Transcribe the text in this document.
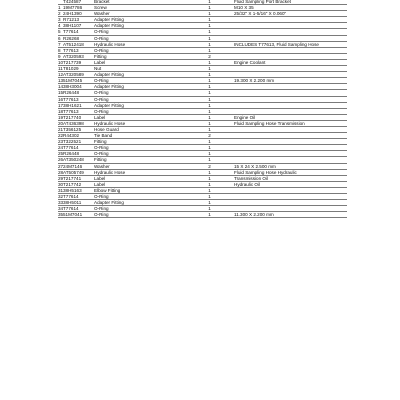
	T424587	Bracket	1	Fluid Sampling Port Bracket
1	19M7786	Screw	1	M10 X 35
2	24H1390	Washer	1	25/32" X 1-5/16" X 0.060"
3	R71213	Adapter Fitting	1	
4	38H1107	Adapter Fitting	1	
5	T77614	O-Ring	1	
6	R26268	O-Ring	1	
7	AT512418	Hydraulic Hose	1	INCLUDES T77613, Fluid Sampling Hose
8	T77613	O-Ring	1	
9	AT320593	Fitting	2	
10	T217739	Label	1	Engine Coolant
11	T81029	Nut	1	
12	AT320589	Adapter Fitting	1	
13	51M7045	O-Ring	1	19.300 X 2.200 mm
14	38H3004	Adapter Fitting	1	
15	R26448	O-Ring	1	
16	T77613	O-Ring	1	
17	38H1621	Adapter Fitting	1	
18	T77613	O-Ring	1	
19	T217740	Label	1	Engine Oil
20	AT436398	Hydraulic Hose	1	Fluid Sampling Hose Transmission
21	T356125	Hose Guard	1	
22	R44302	Tie Band	2	
23	T322521	Fitting	1	
24	T77614	O-Ring	1	
25	R26448	O-Ring	1	
26	AT350248	Fitting	1	
27	24M7146	Washer	2	15 X 24 X 2.500 mm
28	AT505749	Hydraulic Hose	1	Fluid Sampling Hose Hydraulic
29	T217741	Label	1	Transmission Oil
30	T217742	Label	1	Hydraulic Oil
31	38H5163	Elbow Fitting	1	
32	T77614	O-Ring	1	
33	38H5011	Adapter Fitting	1	
34	T77614	O-Ring	1	
35	51M7041	O-Ring	1	11.300 X 2.200 mm
